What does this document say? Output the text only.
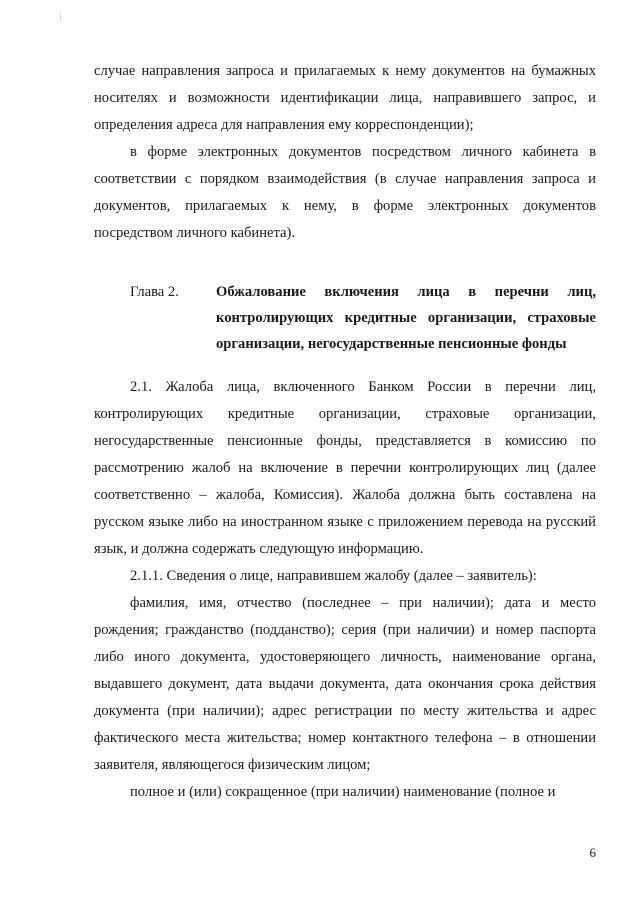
случае направления запроса и прилагаемых к нему документов на бумажных носителях и возможности идентификации лица, направившего запрос, и определения адреса для направления ему корреспонденции);

в форме электронных документов посредством личного кабинета в соответствии с порядком взаимодействия (в случае направления запроса и документов, прилагаемых к нему, в форме электронных документов посредством личного кабинета).

Глава 2.	Обжалование включения лица в перечни лиц, контролирующих кредитные организации, страховые организации, негосударственные пенсионные фонды

2.1. Жалоба лица, включенного Банком России в перечни лиц, контролирующих кредитные организации, страховые организации, негосударственные пенсионные фонды, представляется в комиссию по рассмотрению жалоб на включение в перечни контролирующих лиц (далее соответственно – жалоба, Комиссия). Жалоба должна быть составлена на русском языке либо на иностранном языке с приложением перевода на русский язык, и должна содержать следующую информацию.

2.1.1. Сведения о лице, направившем жалобу (далее – заявитель):

фамилия, имя, отчество (последнее – при наличии); дата и место рождения; гражданство (подданство); серия (при наличии) и номер паспорта либо иного документа, удостоверяющего личность, наименование органа, выдавшего документ, дата выдачи документа, дата окончания срока действия документа (при наличии); адрес регистрации по месту жительства и адрес фактического места жительства; номер контактного телефона – в отношении заявителя, являющегося физическим лицом;

полное и (или) сокращенное (при наличии) наименование (полное и

6
